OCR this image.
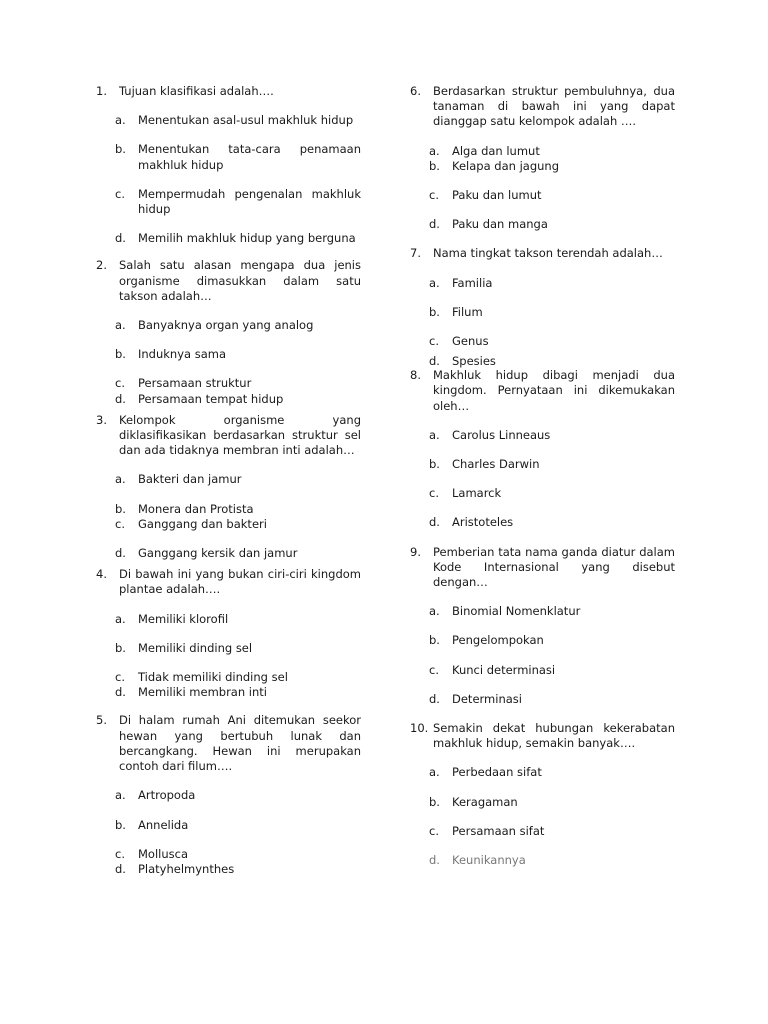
1. Tujuan klasifikasi adalah….
a. Menentukan asal-usul makhluk hidup
b. Menentukan tata-cara penamaan makhluk hidup
c. Mempermudah pengenalan makhluk hidup
d. Memilih makhluk hidup yang berguna
2. Salah satu alasan mengapa dua jenis organisme dimasukkan dalam satu takson adalah…
a. Banyaknya organ yang analog
b. Induknya sama
c. Persamaan struktur
d. Persamaan tempat hidup
3. Kelompok organisme yang diklasifikasikan berdasarkan struktur sel dan ada tidaknya membran inti adalah…
a. Bakteri dan jamur
b. Monera dan Protista
c. Ganggang dan bakteri
d. Ganggang kersik dan jamur
4. Di bawah ini yang bukan ciri-ciri kingdom plantae adalah….
a. Memiliki klorofil
b. Memiliki dinding sel
c. Tidak memiliki dinding sel
d. Memiliki membran inti
5. Di halam rumah Ani ditemukan seekor hewan yang bertubuh lunak dan bercangkang. Hewan ini merupakan contoh dari filum….
a. Artropoda
b. Annelida
c. Mollusca
d. Platyhelmynthes
6. Berdasarkan struktur pembuluhnya, dua tanaman di bawah ini yang dapat dianggap satu kelompok adalah ….
a. Alga dan lumut
b. Kelapa dan jagung
c. Paku dan lumut
d. Paku dan manga
7. Nama tingkat takson terendah adalah…
a. Familia
b. Filum
c. Genus
d. Spesies
8. Makhluk hidup dibagi menjadi dua kingdom. Pernyataan ini dikemukakan oleh…
a. Carolus Linneaus
b. Charles Darwin
c. Lamarck
d. Aristoteles
9. Pemberian tata nama ganda diatur dalam Kode Internasional yang disebut dengan…
a. Binomial Nomenklatur
b. Pengelompokan
c. Kunci determinasi
d. Determinasi
10. Semakin dekat hubungan kekerabatan makhluk hidup, semakin banyak….
a. Perbedaan sifat
b. Keragaman
c. Persamaan sifat
d. Keunikannya
